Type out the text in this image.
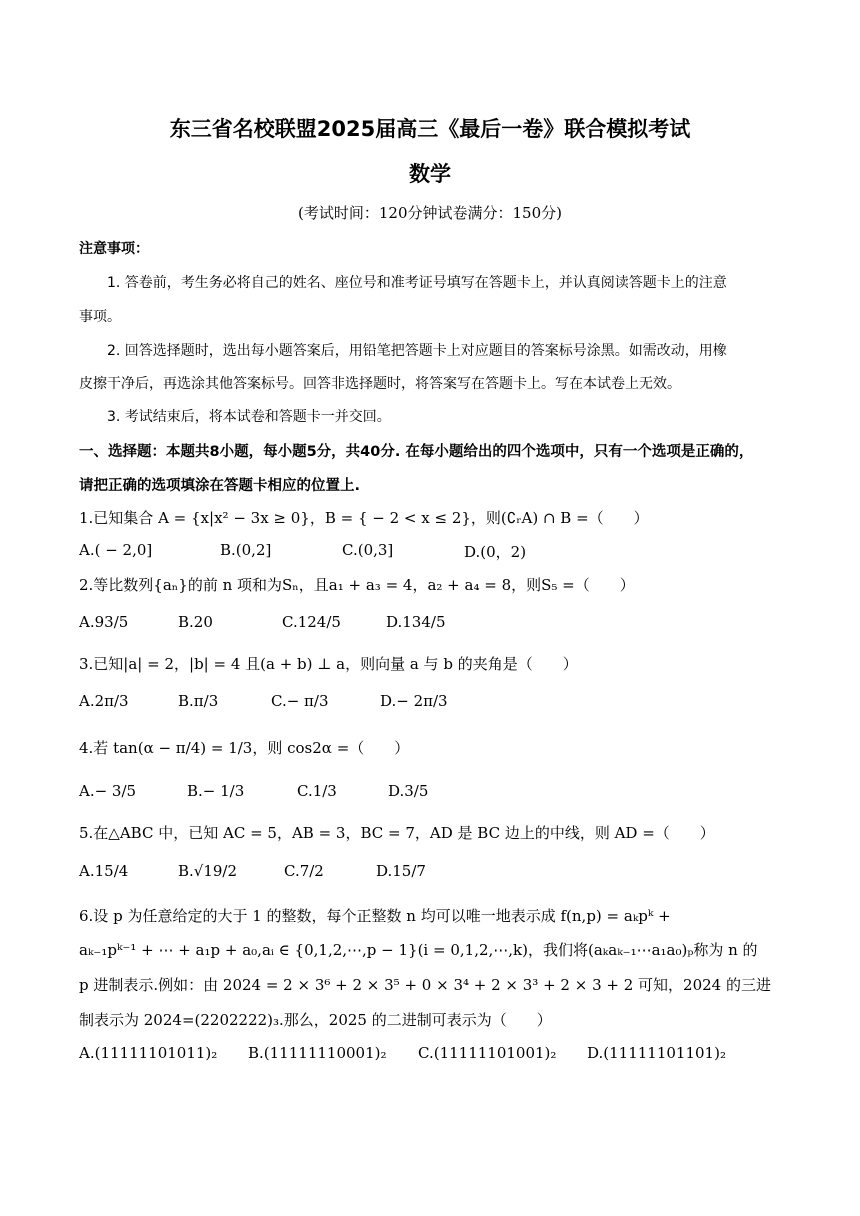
东三省名校联盟2025届高三《最后一卷》联合模拟考试
数学
(考试时间：120分钟试卷满分：150分)
注意事项：
1. 答卷前，考生务必将自己的姓名、座位号和准考证号填写在答题卡上，并认真阅读答题卡上的注意
事项。
2. 回答选择题时，选出每小题答案后，用铅笔把答题卡上对应题目的答案标号涂黑。如需改动，用橡
皮擦干净后，再选涂其他答案标号。回答非选择题时，将答案写在答题卡上。写在本试卷上无效。
3. 考试结束后，将本试卷和答题卡一并交回。
一、选择题：本题共8小题，每小题5分，共40分. 在每小题给出的四个选项中，只有一个选项是正确的，
请把正确的选项填涂在答题卡相应的位置上.
1.已知集合 A = {x|x² − 3x ≥ 0}，B = { − 2 < x ≤ 2}，则(∁ᵣA) ∩ B =（　　）
A.( − 2,0]	B.(0,2]	C.(0,3]	D.(0，2)
2.等比数列{aₙ}的前 n 项和为Sₙ，且a₁ + a₃ = 4，a₂ + a₄ = 8，则S₅ =（　　）
A.93/5	B.20	C.124/5	D.134/5
3.已知|a| = 2，|b| = 4 且(a + b) ⊥ a，则向量 a 与 b 的夹角是（　　）
A.2π/3	B.π/3	C.− π/3	D.− 2π/3
4.若 tan(α − π/4) = 1/3，则 cos2α =（　　）
A.− 3/5	B.− 1/3	C.1/3	D.3/5
5.在△ABC 中，已知 AC = 5，AB = 3，BC = 7，AD 是 BC 边上的中线，则 AD =（　　）
A.15/4	B.√19/2	C.7/2	D.15/7
6.设 p 为任意给定的大于 1 的整数，每个正整数 n 均可以唯一地表示成 f(n,p) = aₖpᵏ +
aₖ₋₁pᵏ⁻¹ + ⋯ + a₁p + a₀,aᵢ ∈ {0,1,2,⋯,p − 1}(i = 0,1,2,⋯,k)，我们将(aₖaₖ₋₁⋯a₁a₀)ₚ称为 n 的
p 进制表示.例如：由 2024 = 2 × 3⁶ + 2 × 3⁵ + 0 × 3⁴ + 2 × 3³ + 2 × 3 + 2 可知，2024 的三进
制表示为 2024=(2202222)₃.那么，2025 的二进制可表示为（　　）
A.(11111101011)₂ B.(11111110001)₂ C.(11111101001)₂ D.(11111101101)₂
